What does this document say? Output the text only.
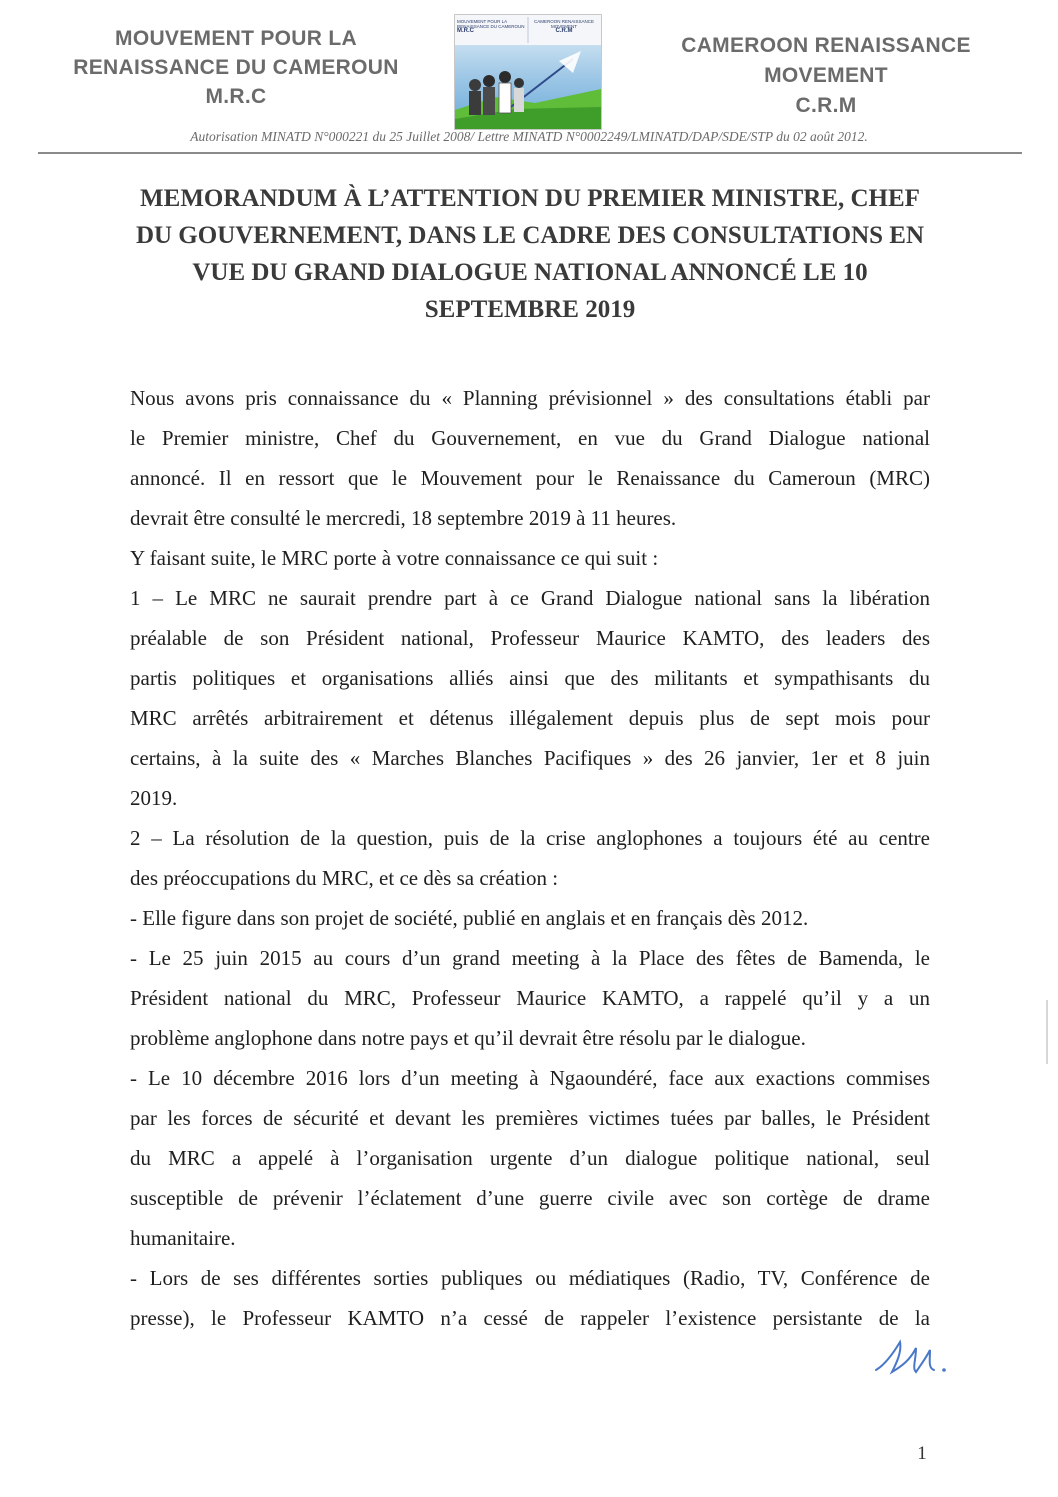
MOUVEMENT POUR LA
RENAISSANCE DU CAMEROUN
M.R.C
MOUVEMENT POUR LA RENAISSANCE DU CAMEROUN
M.R.C
CAMEROON RENAISSANCE MOVEMENT
C.R.M
CAMEROON RENAISSANCE
MOVEMENT
C.R.M
Autorisation MINATD N°000221 du 25 Juillet 2008/ Lettre MINATD N°0002249/LMINATD/DAP/SDE/STP du 02 août 2012.
MEMORANDUM À L’ATTENTION DU PREMIER MINISTRE, CHEF
DU GOUVERNEMENT, DANS LE CADRE DES CONSULTATIONS EN
VUE DU GRAND DIALOGUE NATIONAL ANNONCÉ LE 10
SEPTEMBRE 2019
Nous avons pris connaissance du « Planning prévisionnel » des consultations établi par
le Premier ministre, Chef du Gouvernement, en vue du Grand Dialogue national
annoncé. Il en ressort que le Mouvement pour le Renaissance du Cameroun (MRC)
devrait être consulté le mercredi, 18 septembre 2019 à 11 heures.
Y faisant suite, le MRC porte à votre connaissance ce qui suit :
1 – Le MRC ne saurait prendre part à ce Grand Dialogue national sans la libération
préalable de son Président national, Professeur Maurice KAMTO, des leaders des
partis politiques et organisations alliés ainsi que des militants et sympathisants du
MRC arrêtés arbitrairement et détenus illégalement depuis plus de sept mois pour
certains, à la suite des « Marches Blanches Pacifiques » des 26 janvier, 1er et 8 juin
2019.
2 – La résolution de la question, puis de la crise anglophones a toujours été au centre
des préoccupations du MRC, et ce dès sa création :
- Elle figure dans son projet de société, publié en anglais et en français dès 2012.
- Le 25 juin 2015 au cours d’un grand meeting à la Place des fêtes de Bamenda, le
Président national du MRC, Professeur Maurice KAMTO, a rappelé qu’il y a un
problème anglophone dans notre pays et qu’il devrait être résolu par le dialogue.
- Le 10 décembre 2016 lors d’un meeting à Ngaoundéré, face aux exactions commises
par les forces de sécurité et devant les premières victimes tuées par balles, le Président
du MRC a appelé à l’organisation urgente d’un dialogue politique national, seul
susceptible de prévenir l’éclatement d’une guerre civile avec son cortège de drame
humanitaire.
- Lors de ses différentes sorties publiques ou médiatiques (Radio, TV, Conférence de
presse), le Professeur KAMTO n’a cessé de rappeler l’existence persistante de la
1
